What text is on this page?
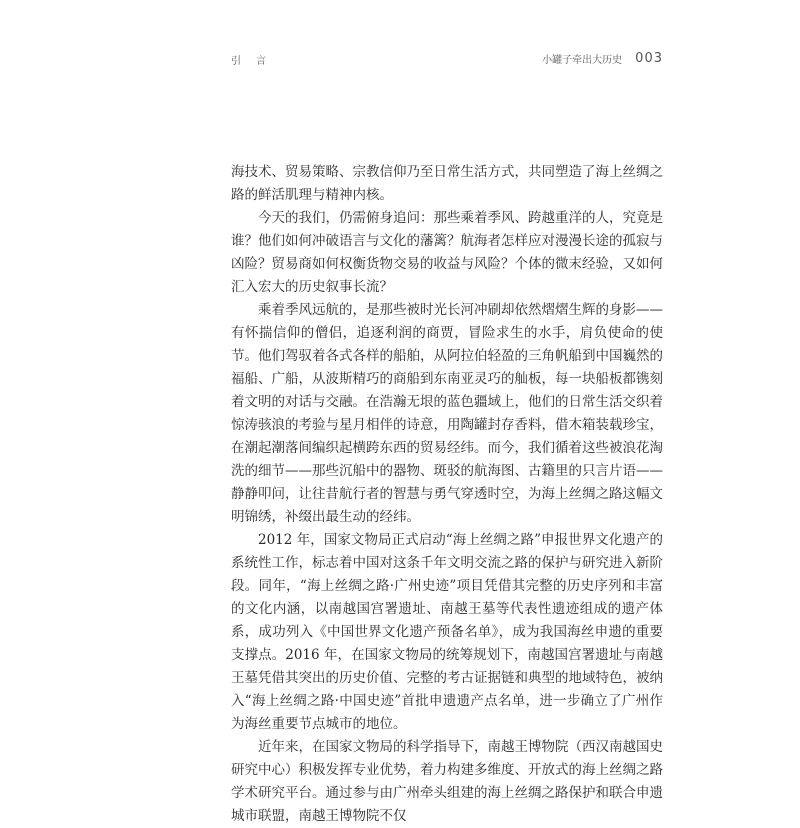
引 言	小罐子牵出大历史 003

海技术、贸易策略、宗教信仰乃至日常生活方式，共同塑造了海上丝绸之路的鲜活肌理与精神内核。

今天的我们，仍需俯身追问：那些乘着季风、跨越重洋的人，究竟是谁？他们如何冲破语言与文化的藩篱？航海者怎样应对漫漫长途的孤寂与凶险？贸易商如何权衡货物交易的收益与风险？个体的微末经验，又如何汇入宏大的历史叙事长流？

乘着季风远航的，是那些被时光长河冲刷却依然熠熠生辉的身影——有怀揣信仰的僧侣，追逐利润的商贾，冒险求生的水手，肩负使命的使节。他们驾驭着各式各样的船舶，从阿拉伯轻盈的三角帆船到中国巍然的福船、广船，从波斯精巧的商船到东南亚灵巧的舢板，每一块船板都镌刻着文明的对话与交融。在浩瀚无垠的蓝色疆域上，他们的日常生活交织着惊涛骇浪的考验与星月相伴的诗意，用陶罐封存香料，借木箱装载珍宝，在潮起潮落间编织起横跨东西的贸易经纬。而今，我们循着这些被浪花淘洗的细节——那些沉船中的器物、斑驳的航海图、古籍里的只言片语——静静叩问，让往昔航行者的智慧与勇气穿透时空，为海上丝绸之路这幅文明锦绣，补缀出最生动的经纬。

2012 年，国家文物局正式启动“海上丝绸之路”申报世界文化遗产的系统性工作，标志着中国对这条千年文明交流之路的保护与研究进入新阶段。同年，“海上丝绸之路·广州史迹”项目凭借其完整的历史序列和丰富的文化内涵，以南越国宫署遗址、南越王墓等代表性遗迹组成的遗产体系，成功列入《中国世界文化遗产预备名单》，成为我国海丝申遗的重要支撑点。2016 年，在国家文物局的统筹规划下，南越国宫署遗址与南越王墓凭借其突出的历史价值、完整的考古证据链和典型的地域特色，被纳入“海上丝绸之路·中国史迹”首批申遗遗产点名单，进一步确立了广州作为海丝重要节点城市的地位。

近年来，在国家文物局的科学指导下，南越王博物院（西汉南越国史研究中心）积极发挥专业优势，着力构建多维度、开放式的海上丝绸之路学术研究平台。通过参与由广州牵头组建的海上丝绸之路保护和联合申遗城市联盟，南越王博物院不仅
